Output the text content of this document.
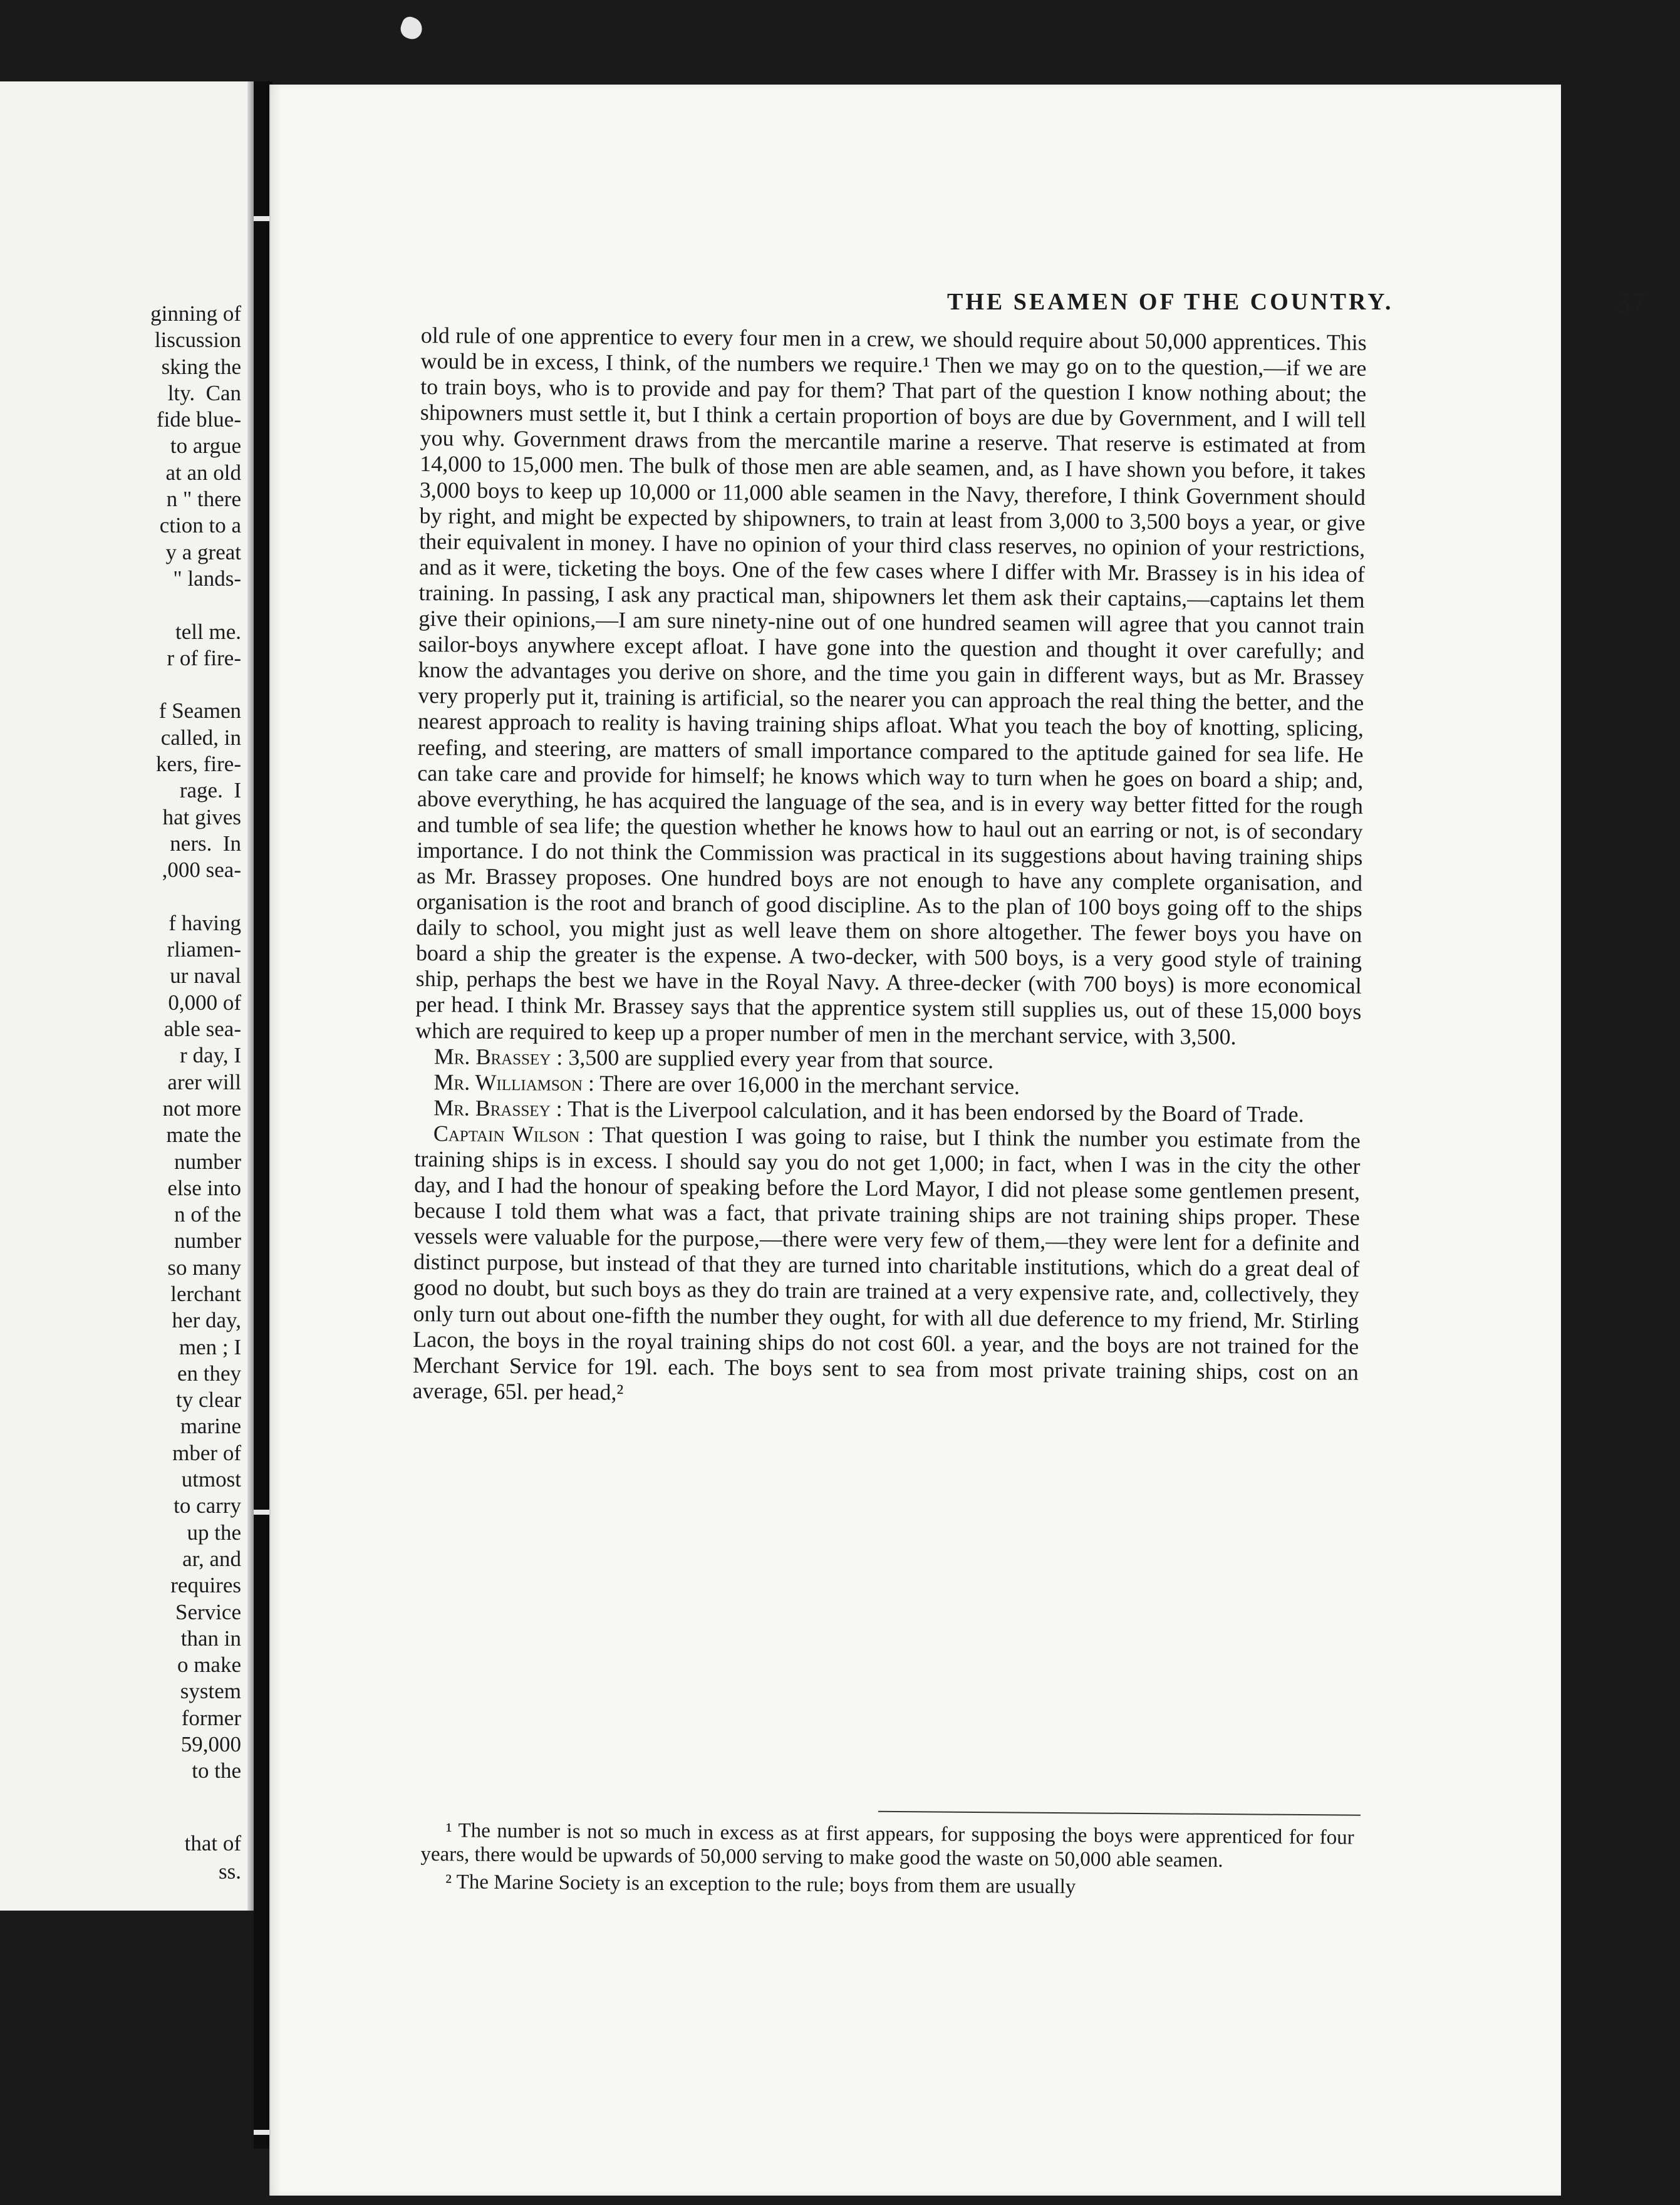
ginning of
liscussion
sking the
lty.  Can
fide blue-
to argue
at an old
n " there
ction to a
y a great
" lands-

tell me.
r of fire-

f Seamen
called, in
kers, fire-
rage.  I
hat gives
ners.  In
,000 sea-

f having
rliamen-
ur naval
0,000 of
able sea-
r day, I
arer will
not more
mate the
number
else into
n of the
number
so many
lerchant
her day,
men ; I
en they
ty clear
marine
mber of
utmost
to carry
up the
ar, and
requires
Service
than in
o make
system
former
59,000
to the
that of
ss.
THE SEAMEN OF THE COUNTRY.	37

old rule of one apprentice to every four men in a crew, we should require about 50,000 apprentices. This would be in excess, I think, of the numbers we require.¹ Then we may go on to the question,—if we are to train boys, who is to provide and pay for them? That part of the question I know nothing about; the shipowners must settle it, but I think a certain proportion of boys are due by Government, and I will tell you why. Government draws from the mercantile marine a reserve. That reserve is estimated at from 14,000 to 15,000 men. The bulk of those men are able seamen, and, as I have shown you before, it takes 3,000 boys to keep up 10,000 or 11,000 able seamen in the Navy, therefore, I think Government should by right, and might be expected by shipowners, to train at least from 3,000 to 3,500 boys a year, or give their equivalent in money. I have no opinion of your third class reserves, no opinion of your restrictions, and as it were, ticketing the boys. One of the few cases where I differ with Mr. Brassey is in his idea of training. In passing, I ask any practical man, shipowners let them ask their captains,—captains let them give their opinions,—I am sure ninety-nine out of one hundred seamen will agree that you cannot train sailor-boys anywhere except afloat. I have gone into the question and thought it over carefully; and know the advantages you derive on shore, and the time you gain in different ways, but as Mr. Brassey very properly put it, training is artificial, so the nearer you can approach the real thing the better, and the nearest approach to reality is having training ships afloat. What you teach the boy of knotting, splicing, reefing, and steering, are matters of small importance compared to the aptitude gained for sea life. He can take care and provide for himself; he knows which way to turn when he goes on board a ship; and, above everything, he has acquired the language of the sea, and is in every way better fitted for the rough and tumble of sea life; the question whether he knows how to haul out an earring or not, is of secondary importance. I do not think the Commission was practical in its suggestions about having training ships as Mr. Brassey proposes. One hundred boys are not enough to have any complete organisation, and organisation is the root and branch of good discipline. As to the plan of 100 boys going off to the ships daily to school, you might just as well leave them on shore altogether. The fewer boys you have on board a ship the greater is the expense. A two-decker, with 500 boys, is a very good style of training ship, perhaps the best we have in the Royal Navy. A three-decker (with 700 boys) is more economical per head. I think Mr. Brassey says that the apprentice system still supplies us, out of these 15,000 boys which are required to keep up a proper number of men in the merchant service, with 3,500.

Mr. Brassey : 3,500 are supplied every year from that source.

Mr. Williamson : There are over 16,000 in the merchant service.

Mr. Brassey : That is the Liverpool calculation, and it has been endorsed by the Board of Trade.

Captain Wilson : That question I was going to raise, but I think the number you estimate from the training ships is in excess. I should say you do not get 1,000; in fact, when I was in the city the other day, and I had the honour of speaking before the Lord Mayor, I did not please some gentlemen present, because I told them what was a fact, that private training ships are not training ships proper. These vessels were valuable for the purpose,—there were very few of them,—they were lent for a definite and distinct purpose, but instead of that they are turned into charitable institutions, which do a great deal of good no doubt, but such boys as they do train are trained at a very expensive rate, and, collectively, they only turn out about one-fifth the number they ought, for with all due deference to my friend, Mr. Stirling Lacon, the boys in the royal training ships do not cost 60l. a year, and the boys are not trained for the Merchant Service for 19l. each. The boys sent to sea from most private training ships, cost on an average, 65l. per head,²

¹ The number is not so much in excess as at first appears, for supposing the boys were apprenticed for four years, there would be upwards of 50,000 serving to make good the waste on 50,000 able seamen.

² The Marine Society is an exception to the rule; boys from them are usually
